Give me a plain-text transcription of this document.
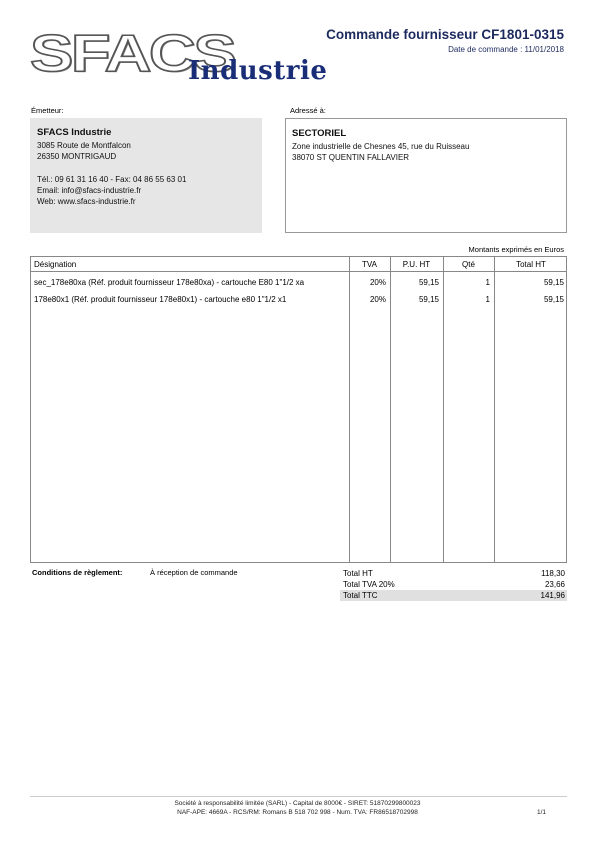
SFACS
Industrie
Commande fournisseur CF1801-0315
Date de commande : 11/01/2018
Émetteur:
SFACS Industrie
3085 Route de Montfalcon
26350 MONTRIGAUD
Tél.: 09 61 31 16 40 - Fax: 04 86 55 63 01
Email: info@sfacs-industrie.fr
Web: www.sfacs-industrie.fr
Adressé à:
SECTORIEL
Zone industrielle de Chesnes 45, rue du Ruisseau
38070 ST QUENTIN FALLAVIER
Montants exprimés en Euros
Désignation	TVA	P.U. HT	Qté	Total HT
sec_178e80xa (Réf. produit fournisseur 178e80xa) - cartouche E80 1"1/2 xa	20%	59,15	1	59,15
178e80x1 (Réf. produit fournisseur 178e80x1) - cartouche e80 1"1/2 x1	20%	59,15	1	59,15
Conditions de règlement:	À réception de commande	Total HT	118,30
Total TVA 20%	23,66
Total TTC	141,96
Société à responsabilité limitée (SARL) - Capital de 8000€ - SIRET: 51870299800023
NAF-APE: 4669A - RCS/RM: Romans B 518 702 998 - Num. TVA: FR86518702998	1/1
